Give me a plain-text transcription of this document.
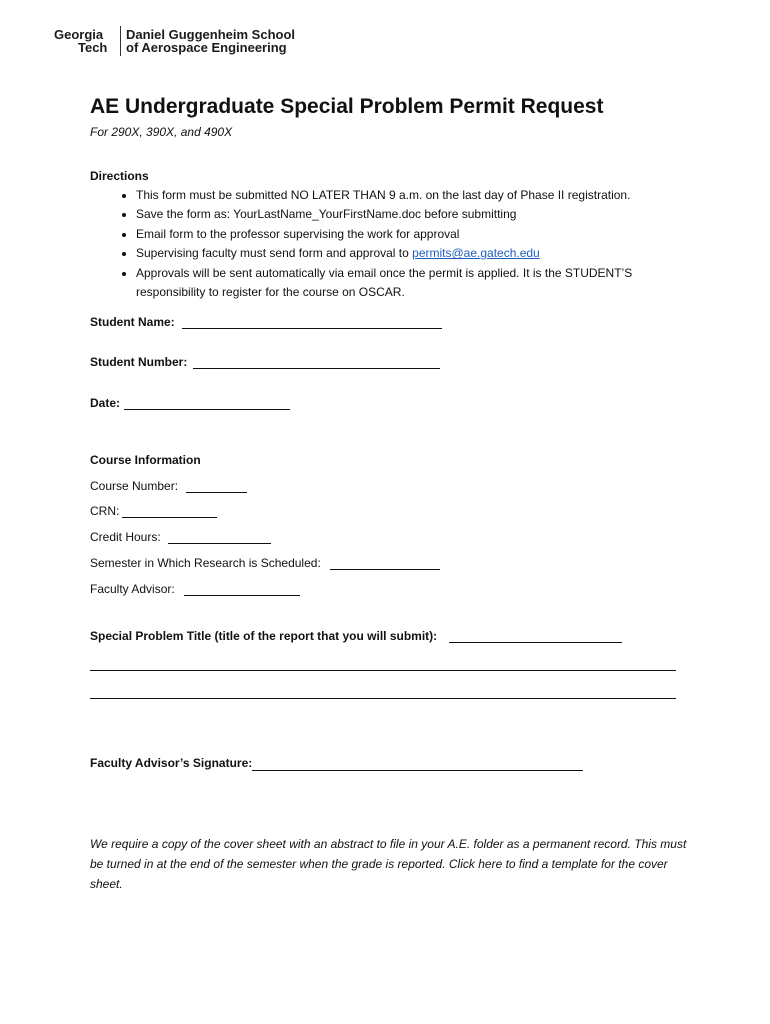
Georgia
Tech
Daniel Guggenheim School
of Aerospace Engineering
AE Undergraduate Special Problem Permit Request
For 290X, 390X, and 490X
Directions
• This form must be submitted NO LATER THAN 9 a.m. on the last day of Phase II registration.
• Save the form as: YourLastName_YourFirstName.doc before submitting
• Email form to the professor supervising the work for approval
• Supervising faculty must send form and approval to permits@ae.gatech.edu
• Approvals will be sent automatically via email once the permit is applied. It is the STUDENT’S responsibility to register for the course on OSCAR.
Student Name:
Student Number:
Date:
Course Information
Course Number:
CRN:
Credit Hours:
Semester in Which Research is Scheduled:
Faculty Advisor:
Special Problem Title (title of the report that you will submit):
Faculty Advisor’s Signature:
We require a copy of the cover sheet with an abstract to file in your A.E. folder as a permanent record. This must be turned in at the end of the semester when the grade is reported. Click here to find a template for the cover sheet.
